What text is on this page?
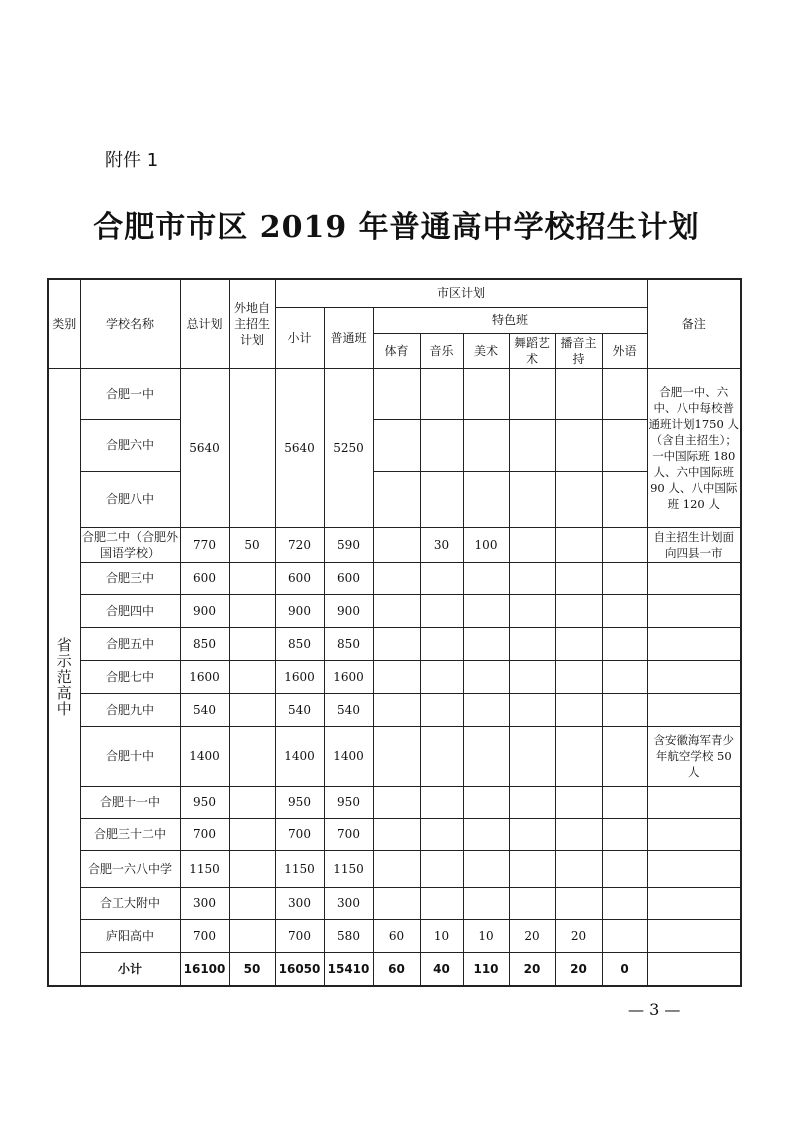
附件 1
合肥市市区 2019 年普通高中学校招生计划
类别	学校名称	总计划	外地自主招生计划	市区计划								备注
				小计	普通班	特色班						
						体育	音乐	美术	舞蹈艺术	播音主持	外语	

省
示
范
高
中	合肥一中	5640		5640	5250							合肥一中、六中、八中每校普通班计划1750 人（含自主招生）；一中国际班 180 人、六中国际班 90 人、八中国际班 120 人
	合肥六中											
	合肥八中											
	合肥二中（合肥外国语学校）	770	50	720	590		30	100				自主招生计划面向四县一市
	合肥三中	600		600	600							
	合肥四中	900		900	900							
	合肥五中	850		850	850							
	合肥七中	1600		1600	1600							
	合肥九中	540		540	540							
	合肥十中	1400		1400	1400							含安徽海军青少年航空学校 50 人
	合肥十一中	950		950	950							
	合肥三十二中	700		700	700							
	合肥一六八中学	1150		1150	1150							
	合工大附中	300		300	300							
	庐阳高中	700		700	580	60	10	10	20	20		
	小计	16100	50	16050	15410	60	40	110	20	20	0	
— 3 —
